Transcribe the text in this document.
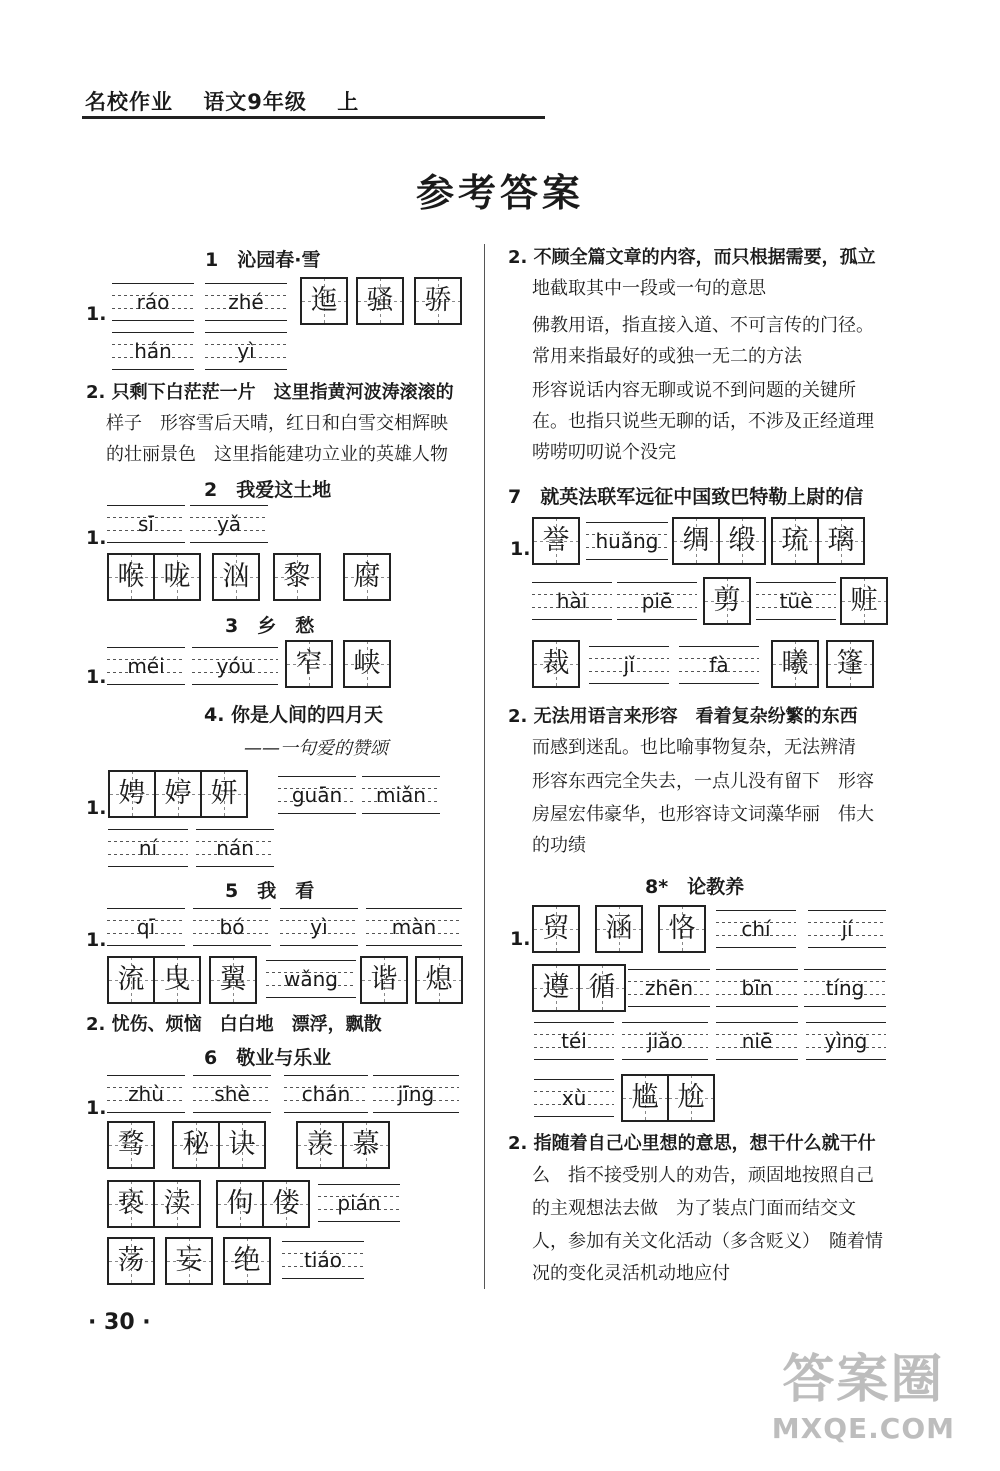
名校作业 语文9年级 上
参考答案
1　沁园春·雪
1.	ráo	zhé	迤	骚	骄
hán	yì
2. 只剩下白茫茫一片　这里指黄河波涛滚滚的
样子　形容雪后天晴，红日和白雪交相辉映
的壮丽景色　这里指能建功立业的英雄人物
2　我爱这土地
1.
sī	yǎ
喉 咙	汹	黎	腐
3　乡　愁
1.	méi	yóu	窄	峡
4. 你是人间的四月天
——一句爱的赞颂
1. 娉 婷 妍	guān	miǎn
ní	nán
5　我　看
1.
qī	bó	yì	màn
流 曳	翼	wǎng	谐	熄
2. 忧伤、烦恼　白白地　漂浮，飘散
6　敬业与乐业
1.
zhù	shè	chán	jīng
骛	秘 诀	羡 慕
亵 渎	佝 偻	pián
荡	妄	绝	tiáo
2. 不顾全篇文章的内容，而只根据需要，孤立
地截取其中一段或一句的意思
佛教用语，指直接入道、不可言传的门径。
常用来指最好的或独一无二的方法
形容说话内容无聊或说不到问题的关键所
在。也指只说些无聊的话，不涉及正经道理
唠唠叨叨说个没完
7　就英法联军远征中国致巴特勒上尉的信
1. 誉	huǎng 绸 缎 琉 璃
hài	piē	剪	tüè	赃
裁	jǐ	fà	曦	篷
2. 无法用语言来形容　看着复杂纷繁的东西
而感到迷乱。也比喻事物复杂，无法辨清
形容东西完全失去，一点儿没有留下　形容
房屋宏伟豪华，也形容诗文词藻华丽　伟大
的功绩
8*　论教养
1. 贸	涵	恪	chí	jí
遵 循	zhēn	bīn	tíng
téi	jiǎo	niē	yìng
xù	尴 尬
2. 指随着自己心里想的意思，想干什么就干什
么　指不接受别人的劝告，顽固地按照自己
的主观想法去做　为了装点门面而结交文
人，参加有关文化活动（多含贬义）　随着情
况的变化灵活机动地应付
· 30 ·
答案圈
MXQE.COM
